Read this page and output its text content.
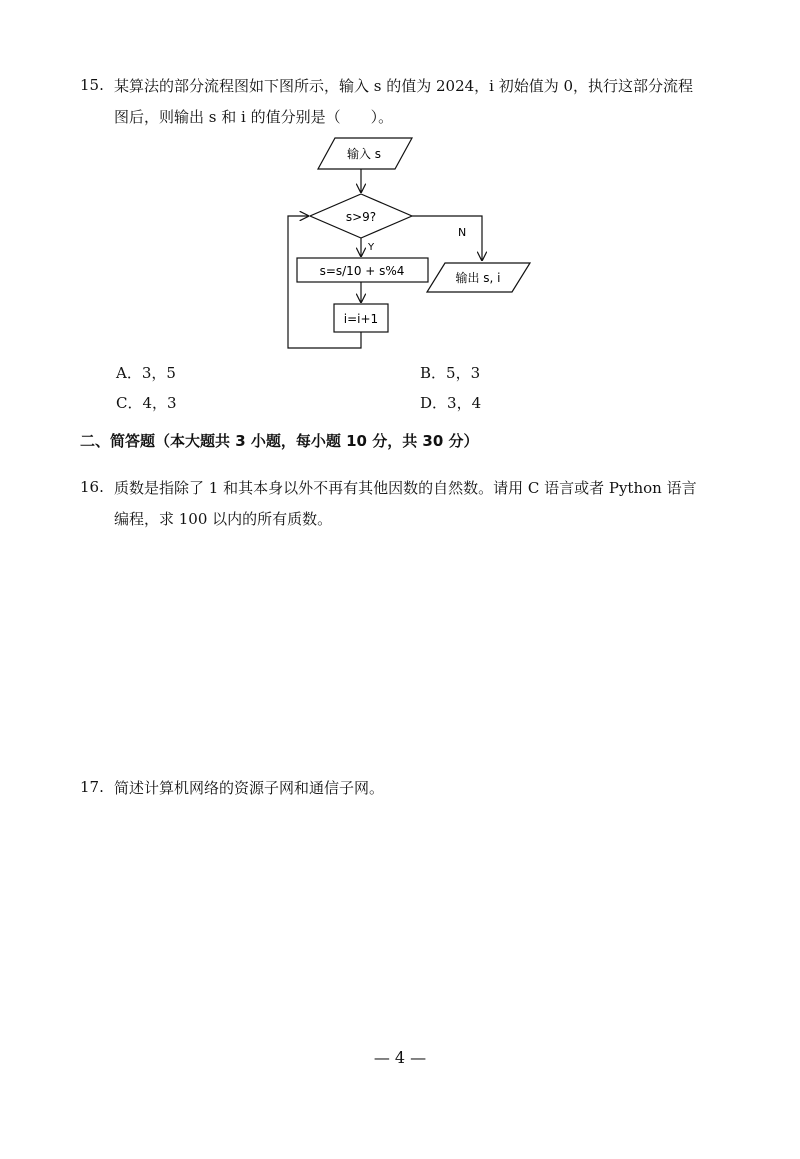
15. 某算法的部分流程图如下图所示，输入 s 的值为 2024，i 初始值为 0，执行这部分流程
图后，则输出 s 和 i 的值分别是（　　）。
输入 s
s>9?
Y
N
s=s/10 + s%4
i=i+1
输出 s, i
A．3，5	B．5，3
C．4，3	D．3，4
二、简答题（本大题共 3 小题，每小题 10 分，共 30 分）
16. 质数是指除了 1 和其本身以外不再有其他因数的自然数。请用 C 语言或者 Python 语言
编程，求 100 以内的所有质数。
17. 简述计算机网络的资源子网和通信子网。
— 4 —
